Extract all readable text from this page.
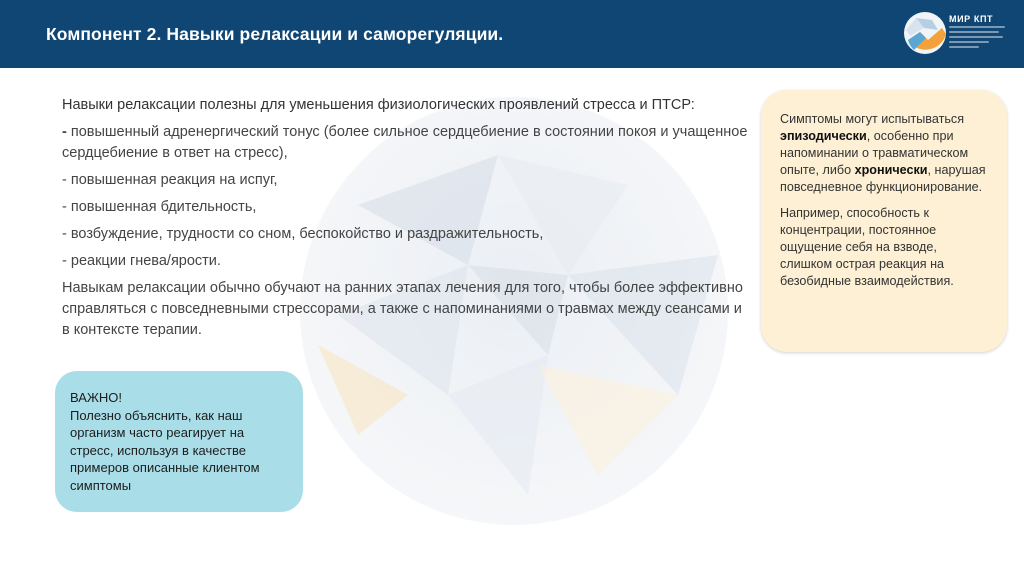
Компонент 2. Навыки релаксации и саморегуляции.
МИР КПТ

Навыки релаксации полезны для уменьшения физиологических проявлений стресса и ПТСР:

- повышенный адренергический тонус (более сильное сердцебиение в состоянии покоя и учащенное сердцебиение в ответ на стресс),

- повышенная реакция на испуг,

- повышенная бдительность,

- возбуждение, трудности со сном, беспокойство и раздражительность,

- реакции гнева/ярости.

Навыкам релаксации обычно обучают на ранних этапах лечения для того, чтобы более эффективно справляться с повседневными стрессорами, а также с напоминаниями о травмах между сеансами и в контексте терапии.

Симптомы могут испытываться эпизодически, особенно при напоминании о травматическом опыте, либо хронически, нарушая повседневное функционирование.

Например, способность к концентрации, постоянное ощущение себя на взводе, слишком острая реакция на безобидные взаимодействия.

ВАЖНО!
Полезно объяснить, как наш организм часто реагирует на стресс, используя в качестве примеров описанные клиентом симптомы
